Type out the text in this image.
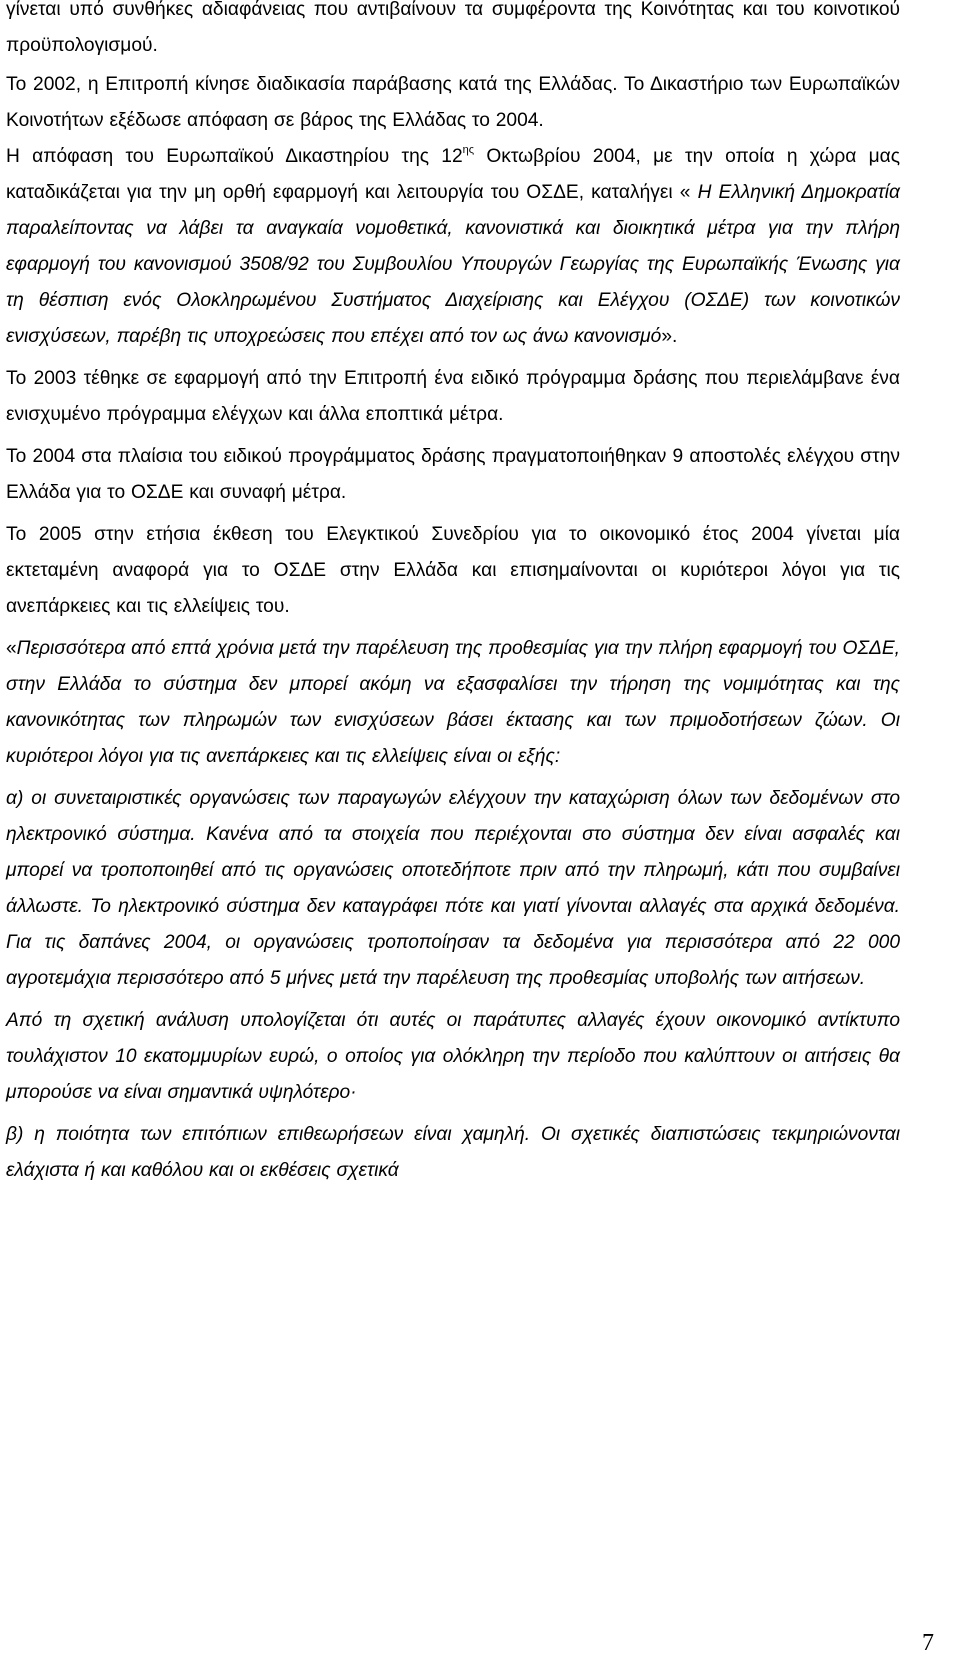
γίνεται υπό συνθήκες αδιαφάνειας που αντιβαίνουν τα συμφέροντα της Κοινότητας και του κοινοτικού προϋπολογισμού.

Το 2002, η Επιτροπή κίνησε διαδικασία παράβασης κατά της Ελλάδας. Το Δικαστήριο των Ευρωπαϊκών Κοινοτήτων εξέδωσε απόφαση σε βάρος της Ελλάδας το 2004.

Η απόφαση του Ευρωπαϊκού Δικαστηρίου της $12^{\eta\varsigma}$ Οκτωβρίου 2004, με την οποία η χώρα μας καταδικάζεται για την μη ορθή εφαρμογή και λειτουργία του ΟΣΔΕ, καταλήγει « Η Ελληνική Δημοκρατία παραλείποντας να λάβει τα αναγκαία νομοθετικά, κανονιστικά και διοικητικά μέτρα για την πλήρη εφαρμογή του κανονισμού 3508/92 του Συμβουλίου Υπουργών Γεωργίας της Ευρωπαϊκής Ένωσης για τη θέσπιση ενός Ολοκληρωμένου Συστήματος Διαχείρισης και Ελέγχου (ΟΣΔΕ) των κοινοτικών ενισχύσεων, παρέβη τις υποχρεώσεις που επέχει από τον ως άνω κανονισμό».

Το 2003 τέθηκε σε εφαρμογή από την Επιτροπή ένα ειδικό πρόγραμμα δράσης που περιελάμβανε ένα ενισχυμένο πρόγραμμα ελέγχων και άλλα εποπτικά μέτρα.

Το 2004 στα πλαίσια του ειδικού προγράμματος δράσης πραγματοποιήθηκαν 9 αποστολές ελέγχου στην Ελλάδα για το ΟΣΔΕ και συναφή μέτρα.

Το 2005 στην ετήσια έκθεση του Ελεγκτικού Συνεδρίου για το οικονομικό έτος 2004 γίνεται μία εκτεταμένη αναφορά για το ΟΣΔΕ στην Ελλάδα και επισημαίνονται οι κυριότεροι λόγοι για τις ανεπάρκειες και τις ελλείψεις του.

«Περισσότερα από επτά χρόνια μετά την παρέλευση της προθεσμίας για την πλήρη εφαρμογή του ΟΣΔΕ, στην Ελλάδα το σύστημα δεν μπορεί ακόμη να εξασφαλίσει την τήρηση της νομιμότητας και της κανονικότητας των πληρωμών των ενισχύσεων βάσει έκτασης και των πριμοδοτήσεων ζώων. Οι κυριότεροι λόγοι για τις ανεπάρκειες και τις ελλείψεις είναι οι εξής:

α) οι συνεταιριστικές οργανώσεις των παραγωγών ελέγχουν την καταχώριση όλων των δεδομένων στο ηλεκτρονικό σύστημα. Κανένα από τα στοιχεία που περιέχονται στο σύστημα δεν είναι ασφαλές και μπορεί να τροποποιηθεί από τις οργανώσεις οποτεδήποτε πριν από την πληρωμή, κάτι που συμβαίνει άλλωστε. Το ηλεκτρονικό σύστημα δεν καταγράφει πότε και γιατί γίνονται αλλαγές στα αρχικά δεδομένα. Για τις δαπάνες 2004, οι οργανώσεις τροποποίησαν τα δεδομένα για περισσότερα από 22 000 αγροτεμάχια περισσότερο από 5 μήνες μετά την παρέλευση της προθεσμίας υποβολής των αιτήσεων.

Από τη σχετική ανάλυση υπολογίζεται ότι αυτές οι παράτυπες αλλαγές έχουν οικονομικό αντίκτυπο τουλάχιστον 10 εκατομμυρίων ευρώ, ο οποίος για ολόκληρη την περίοδο που καλύπτουν οι αιτήσεις θα μπορούσε να είναι σημαντικά υψηλότερο·

β) η ποιότητα των επιτόπιων επιθεωρήσεων είναι χαμηλή. Οι σχετικές διαπιστώσεις τεκμηριώνονται ελάχιστα ή και καθόλου και οι εκθέσεις σχετικά

7
